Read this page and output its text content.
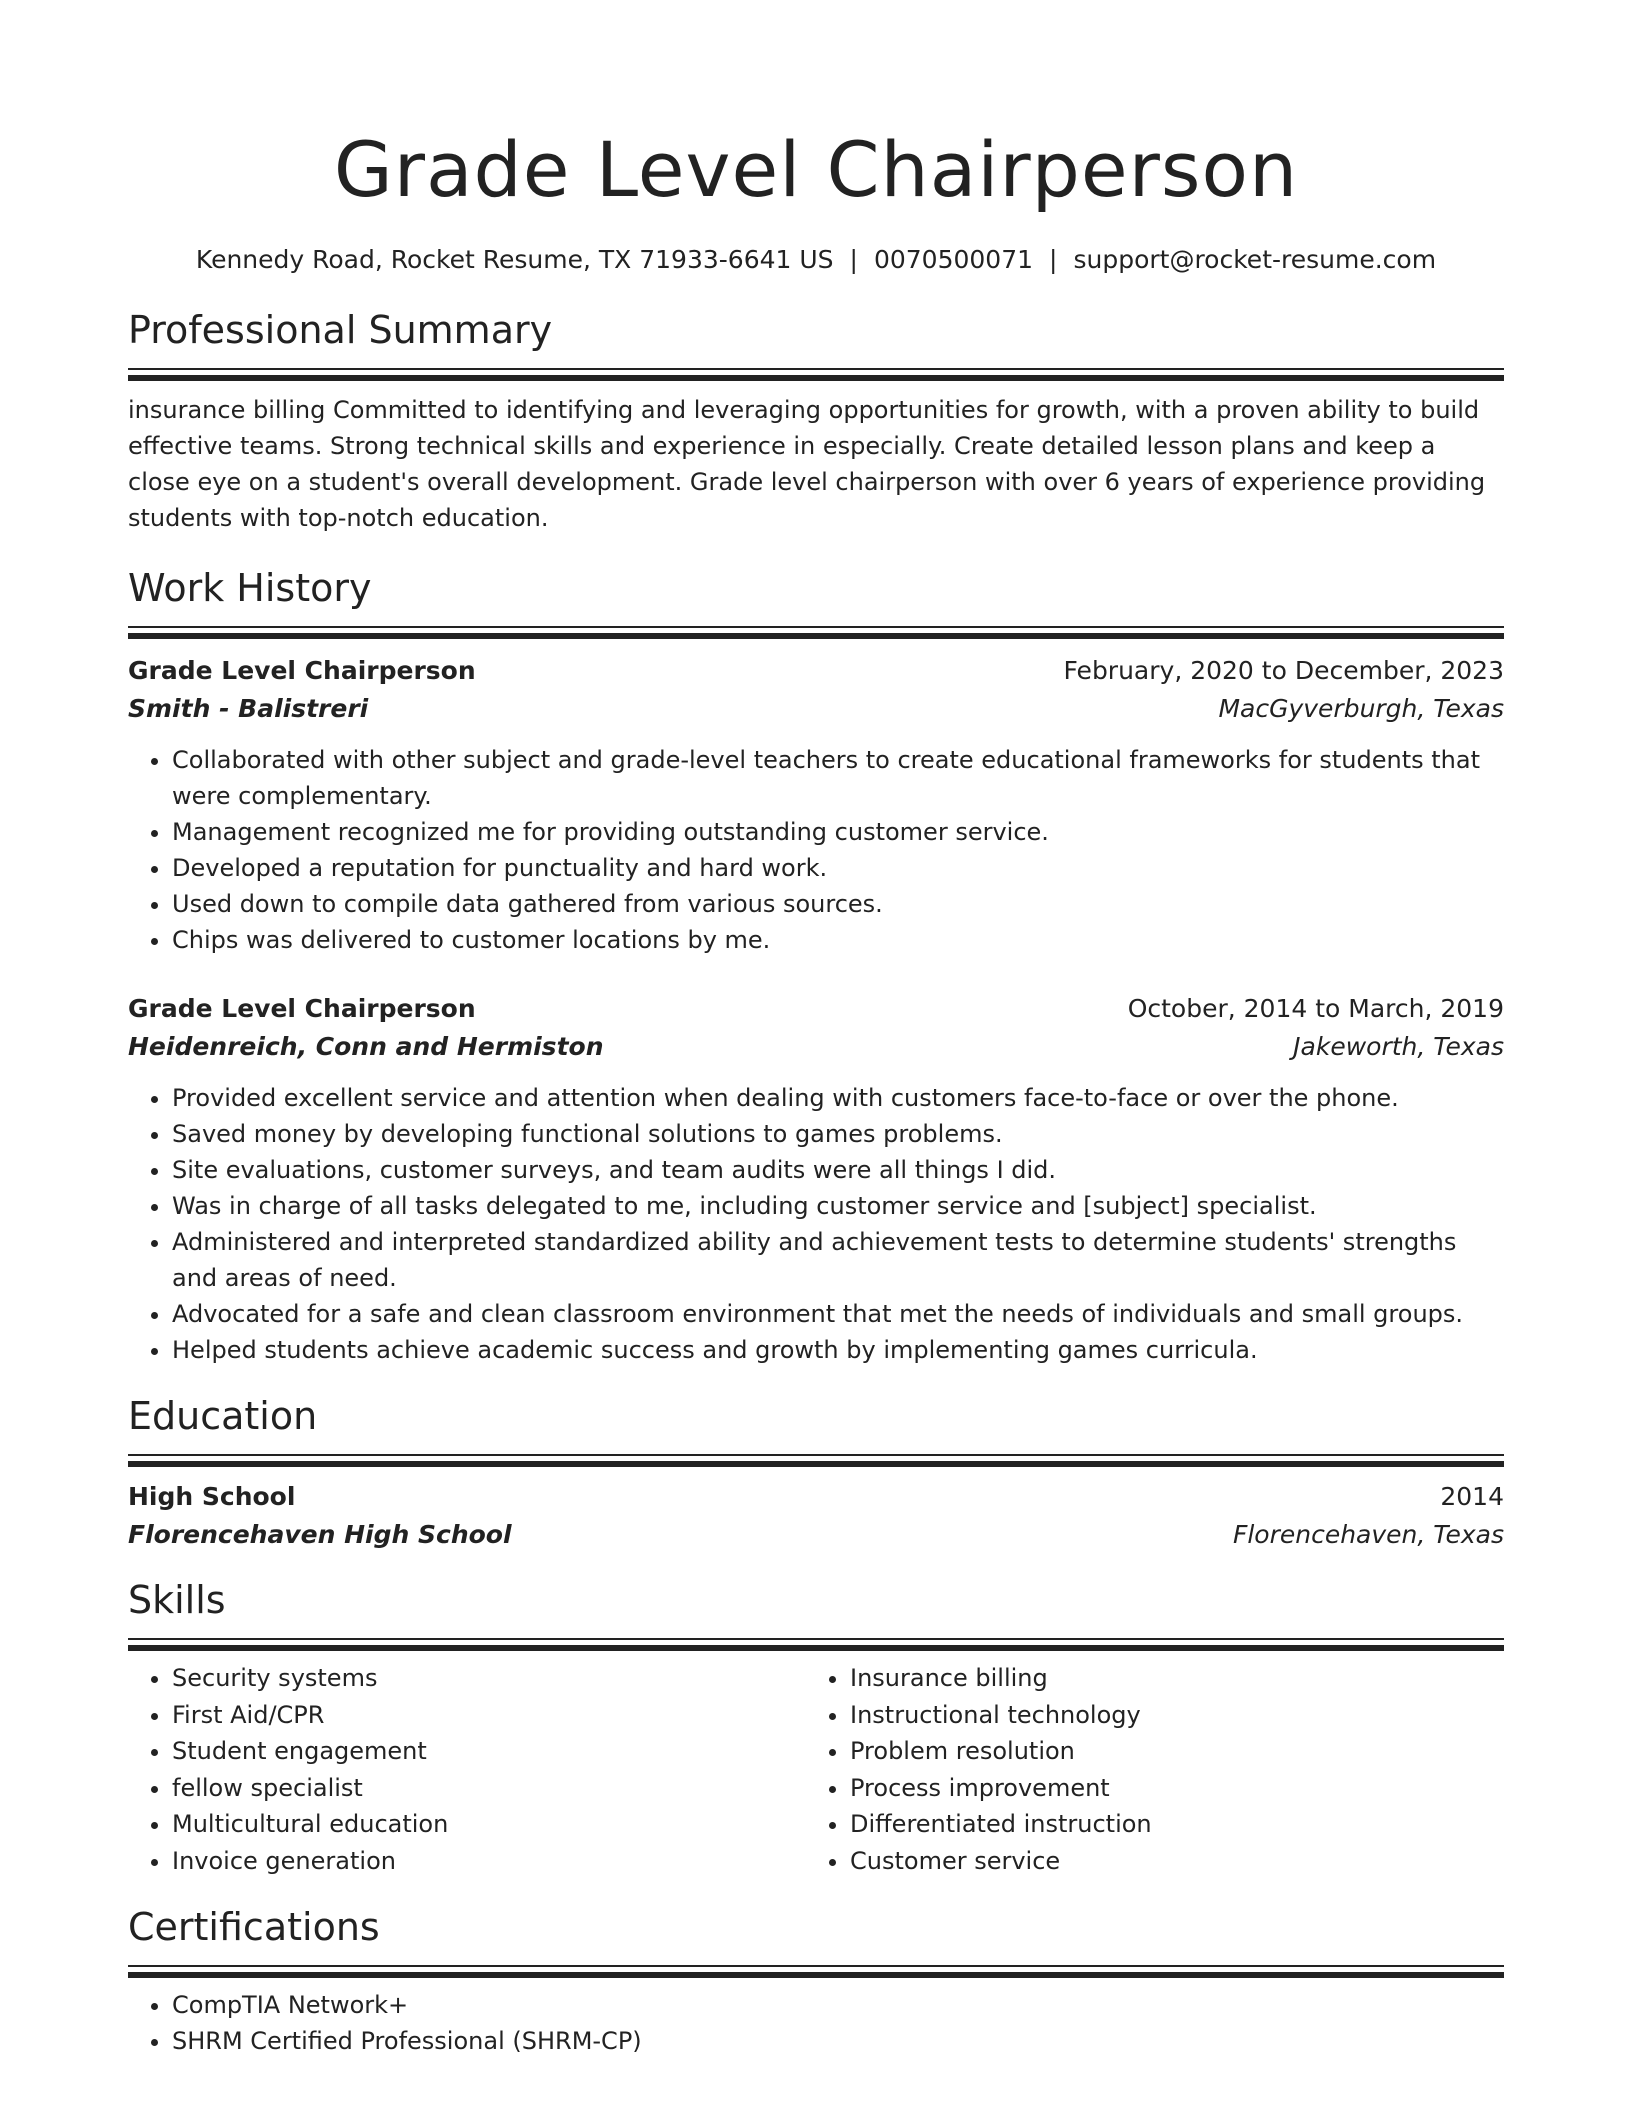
Grade Level Chairperson
Kennedy Road, Rocket Resume, TX 71933-6641 US | 0070500071 | support@rocket-resume.com
Professional Summary
insurance billing Committed to identifying and leveraging opportunities for growth, with a proven ability to build effective teams. Strong technical skills and experience in especially. Create detailed lesson plans and keep a close eye on a student's overall development. Grade level chairperson with over 6 years of experience providing students with top-notch education.
Work History
Grade Level Chairperson	February, 2020 to December, 2023
Smith - Balistreri	MacGyverburgh, Texas
• Collaborated with other subject and grade-level teachers to create educational frameworks for students that were complementary.
• Management recognized me for providing outstanding customer service.
• Developed a reputation for punctuality and hard work.
• Used down to compile data gathered from various sources.
• Chips was delivered to customer locations by me.
Grade Level Chairperson	October, 2014 to March, 2019
Heidenreich, Conn and Hermiston	Jakeworth, Texas
• Provided excellent service and attention when dealing with customers face-to-face or over the phone.
• Saved money by developing functional solutions to games problems.
• Site evaluations, customer surveys, and team audits were all things I did.
• Was in charge of all tasks delegated to me, including customer service and [subject] specialist.
• Administered and interpreted standardized ability and achievement tests to determine students' strengths and areas of need.
• Advocated for a safe and clean classroom environment that met the needs of individuals and small groups.
• Helped students achieve academic success and growth by implementing games curricula.
Education
High School	2014
Florencehaven High School	Florencehaven, Texas
Skills
• Security systems
• First Aid/CPR
• Student engagement
• fellow specialist
• Multicultural education
• Invoice generation
• Insurance billing
• Instructional technology
• Problem resolution
• Process improvement
• Differentiated instruction
• Customer service
Certifications
• CompTIA Network+
• SHRM Certified Professional (SHRM-CP)
